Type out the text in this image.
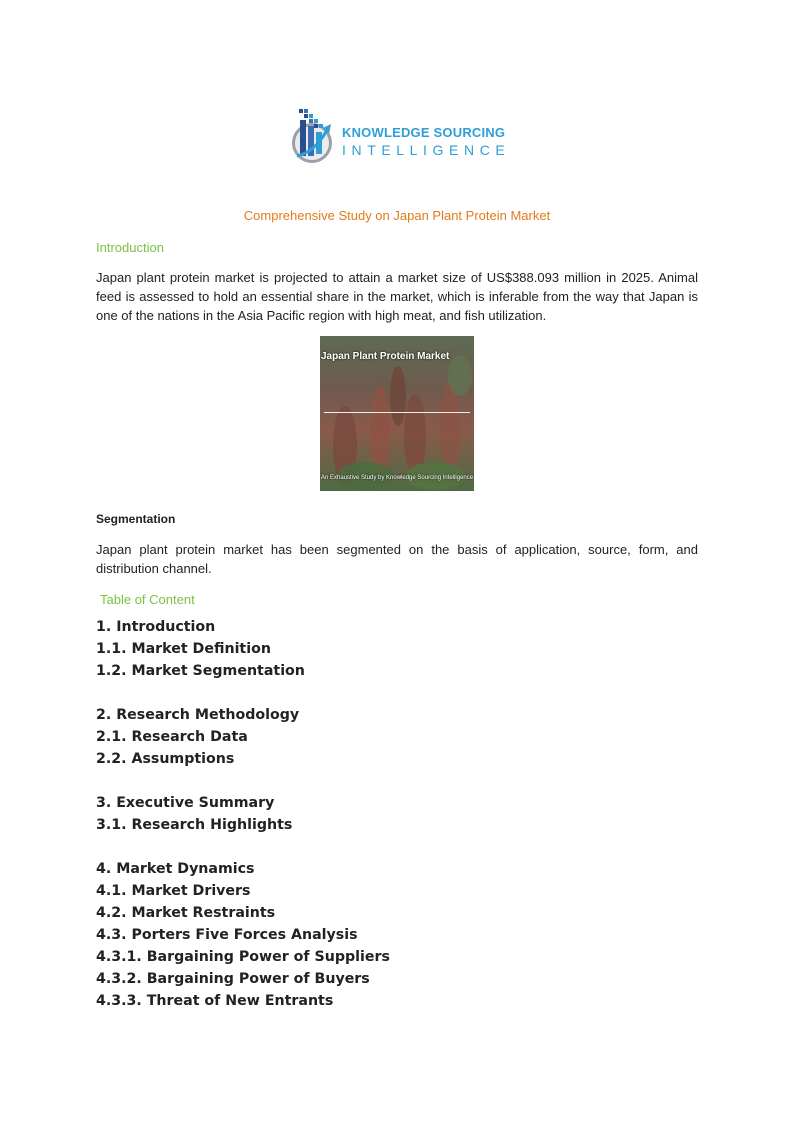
KNOWLEDGE SOURCING
INTELLIGENCE
Comprehensive Study on Japan Plant Protein Market
Introduction
Japan plant protein market is projected to attain a market size of US$388.093 million in 2025. Animal feed is assessed to hold an essential share in the market, which is inferable from the way that Japan is one of the nations in the Asia Pacific region with high meat, and fish utilization.
Japan Plant Protein Market
An Exhaustive Study by Knowledge Sourcing Intelligence
Segmentation
Japan plant protein market has been segmented on the basis of application, source, form, and distribution channel.
Table of Content
1. Introduction
1.1. Market Definition
1.2. Market Segmentation
2. Research Methodology
2.1. Research Data
2.2. Assumptions
3. Executive Summary
3.1. Research Highlights
4. Market Dynamics
4.1. Market Drivers
4.2. Market Restraints
4.3. Porters Five Forces Analysis
4.3.1. Bargaining Power of Suppliers
4.3.2. Bargaining Power of Buyers
4.3.3. Threat of New Entrants
